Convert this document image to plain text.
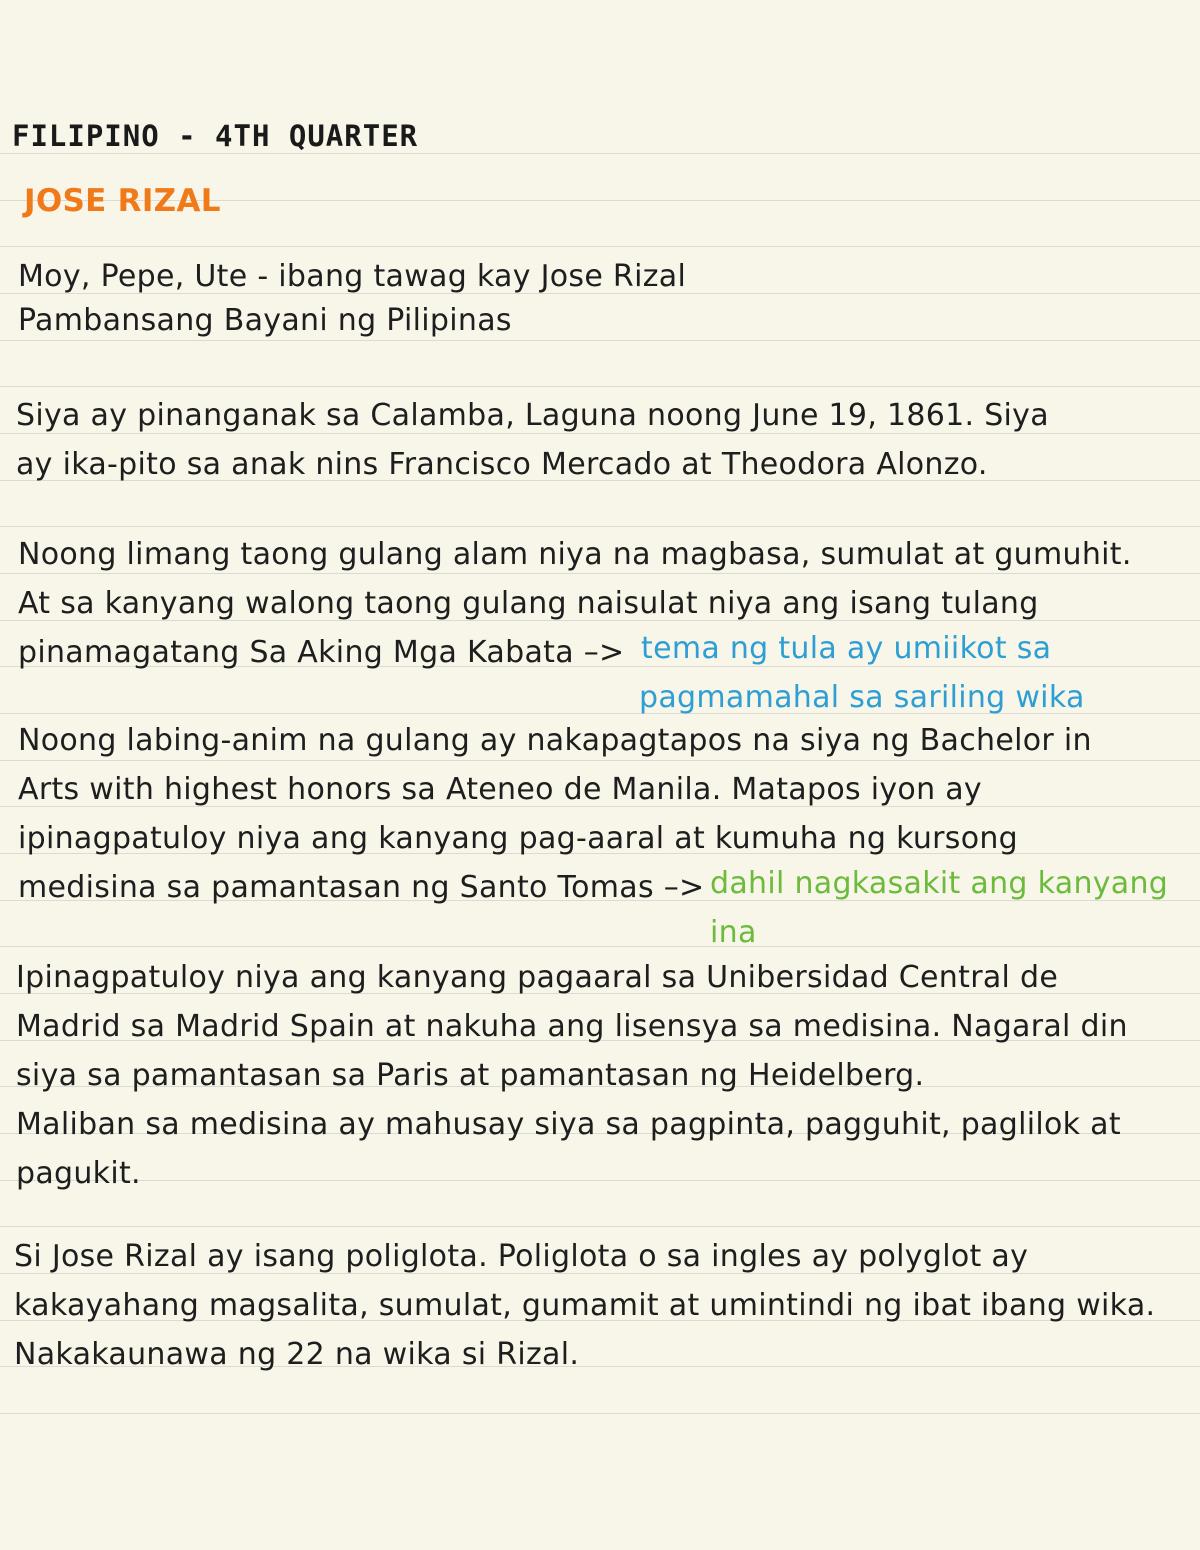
FILIPINO - 4TH QUARTER
JOSE RIZAL
Moy, Pepe, Ute - ibang tawag kay Jose Rizal
Pambansang Bayani ng Pilipinas
Siya ay pinanganak sa Calamba, Laguna noong June 19, 1861. Siya
ay ika-pito sa anak nins Francisco Mercado at Theodora Alonzo.
Noong limang taong gulang alam niya na magbasa, sumulat at gumuhit.
At sa kanyang walong taong gulang naisulat niya ang isang tulang
pinamagatang Sa Aking Mga Kabata –> tema ng tula ay umiikot sa
pagmamahal sa sariling wika
Noong labing-anim na gulang ay nakapagtapos na siya ng Bachelor in
Arts with highest honors sa Ateneo de Manila. Matapos iyon ay
ipinagpatuloy niya ang kanyang pag-aaral at kumuha ng kursong
medisina sa pamantasan ng Santo Tomas –> dahil nagkasakit ang kanyang
ina
Ipinagpatuloy niya ang kanyang pagaaral sa Unibersidad Central de
Madrid sa Madrid Spain at nakuha ang lisensya sa medisina. Nagaral din
siya sa pamantasan sa Paris at pamantasan ng Heidelberg.
Maliban sa medisina ay mahusay siya sa pagpinta, pagguhit, paglilok at
pagukit.
Si Jose Rizal ay isang poliglota. Poliglota o sa ingles ay polyglot ay
kakayahang magsalita, sumulat, gumamit at umintindi ng ibat ibang wika.
Nakakaunawa ng 22 na wika si Rizal.
